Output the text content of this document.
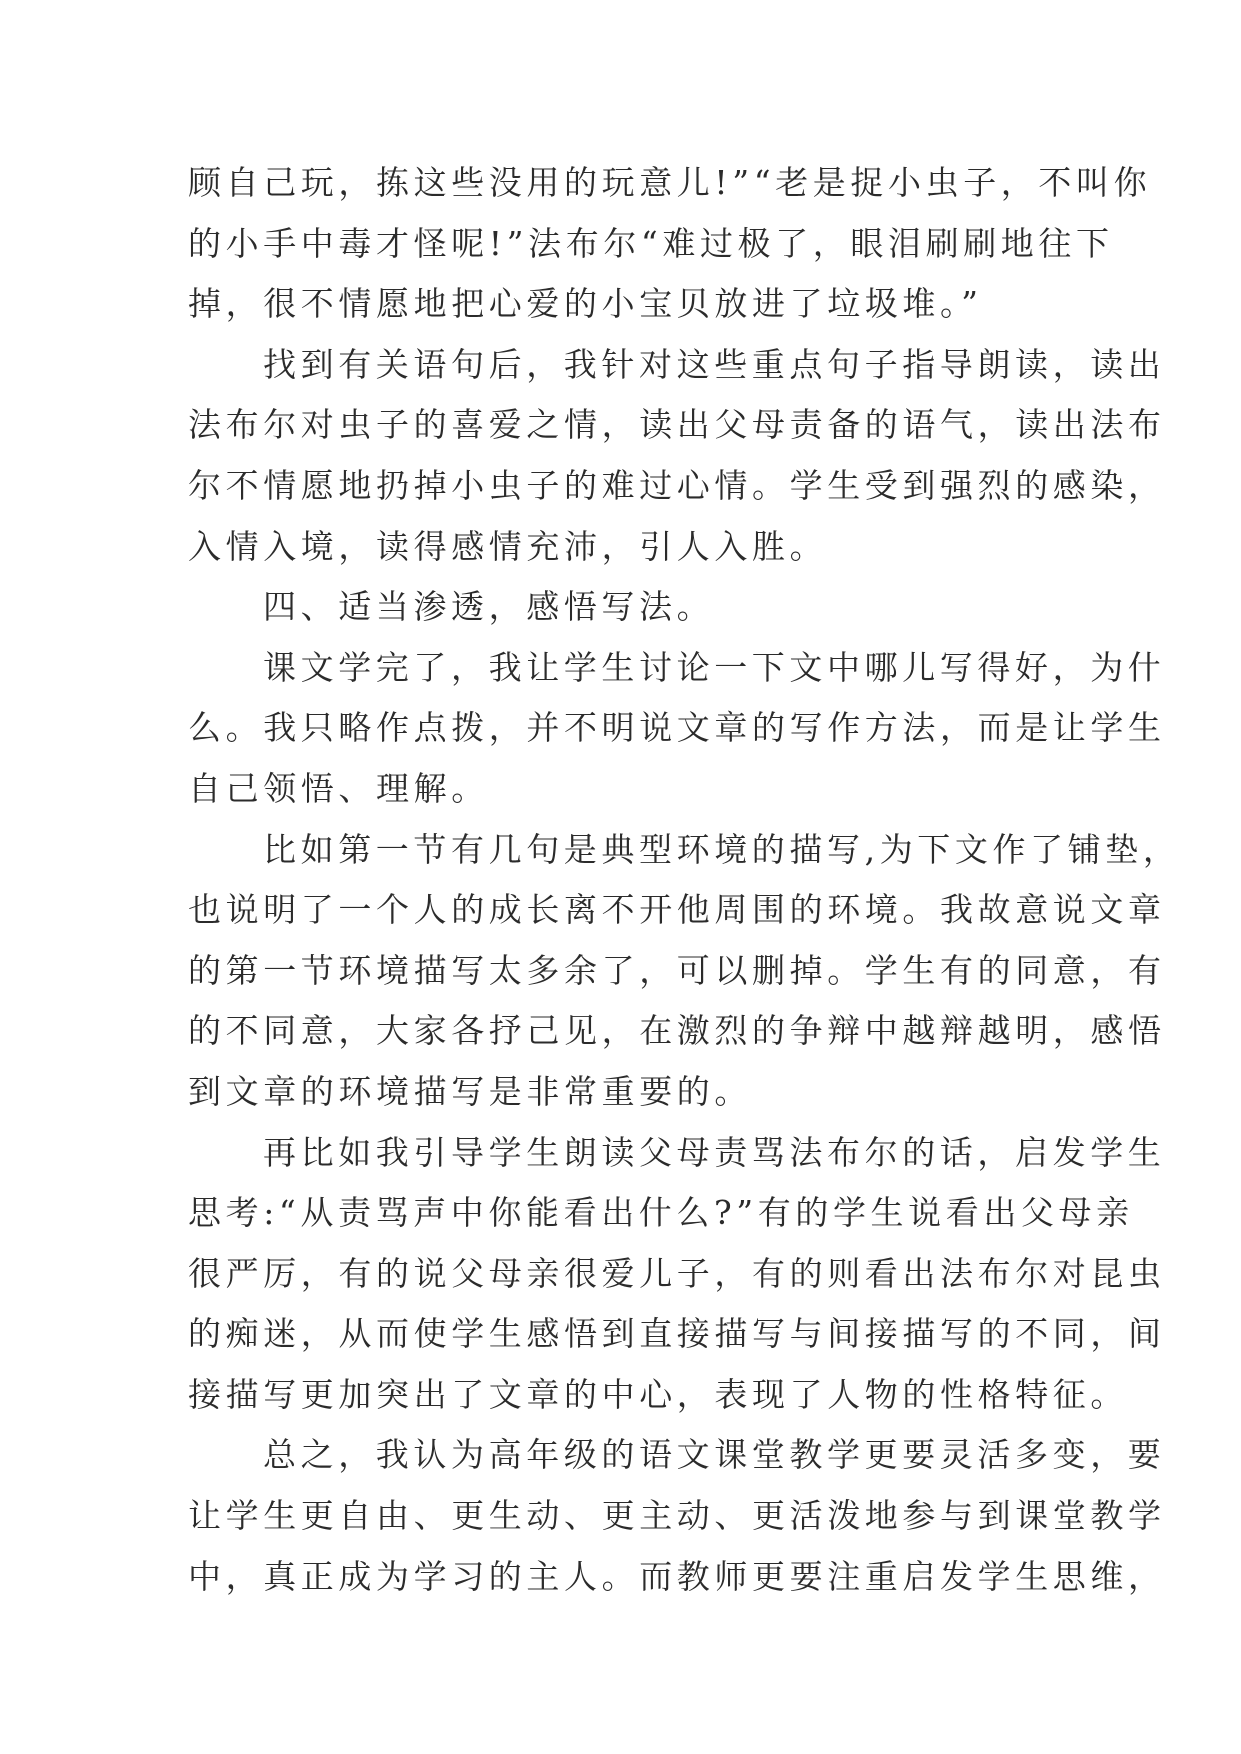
顾自己玩，拣这些没用的玩意儿!”“老是捉小虫子，不叫你
的小手中毒才怪呢!”法布尔“难过极了，眼泪刷刷地往下
掉，很不情愿地把心爱的小宝贝放进了垃圾堆。”
找到有关语句后，我针对这些重点句子指导朗读，读出
法布尔对虫子的喜爱之情，读出父母责备的语气，读出法布
尔不情愿地扔掉小虫子的难过心情。学生受到强烈的感染，
入情入境，读得感情充沛，引人入胜。
四、适当渗透，感悟写法。
课文学完了，我让学生讨论一下文中哪儿写得好，为什
么。我只略作点拨，并不明说文章的写作方法，而是让学生
自己领悟、理解。
比如第一节有几句是典型环境的描写,为下文作了铺垫，
也说明了一个人的成长离不开他周围的环境。我故意说文章
的第一节环境描写太多余了，可以删掉。学生有的同意，有
的不同意，大家各抒己见，在激烈的争辩中越辩越明，感悟
到文章的环境描写是非常重要的。
再比如我引导学生朗读父母责骂法布尔的话，启发学生
思考:“从责骂声中你能看出什么?”有的学生说看出父母亲
很严厉，有的说父母亲很爱儿子，有的则看出法布尔对昆虫
的痴迷，从而使学生感悟到直接描写与间接描写的不同，间
接描写更加突出了文章的中心，表现了人物的性格特征。
总之，我认为高年级的语文课堂教学更要灵活多变，要
让学生更自由、更生动、更主动、更活泼地参与到课堂教学
中，真正成为学习的主人。而教师更要注重启发学生思维，
